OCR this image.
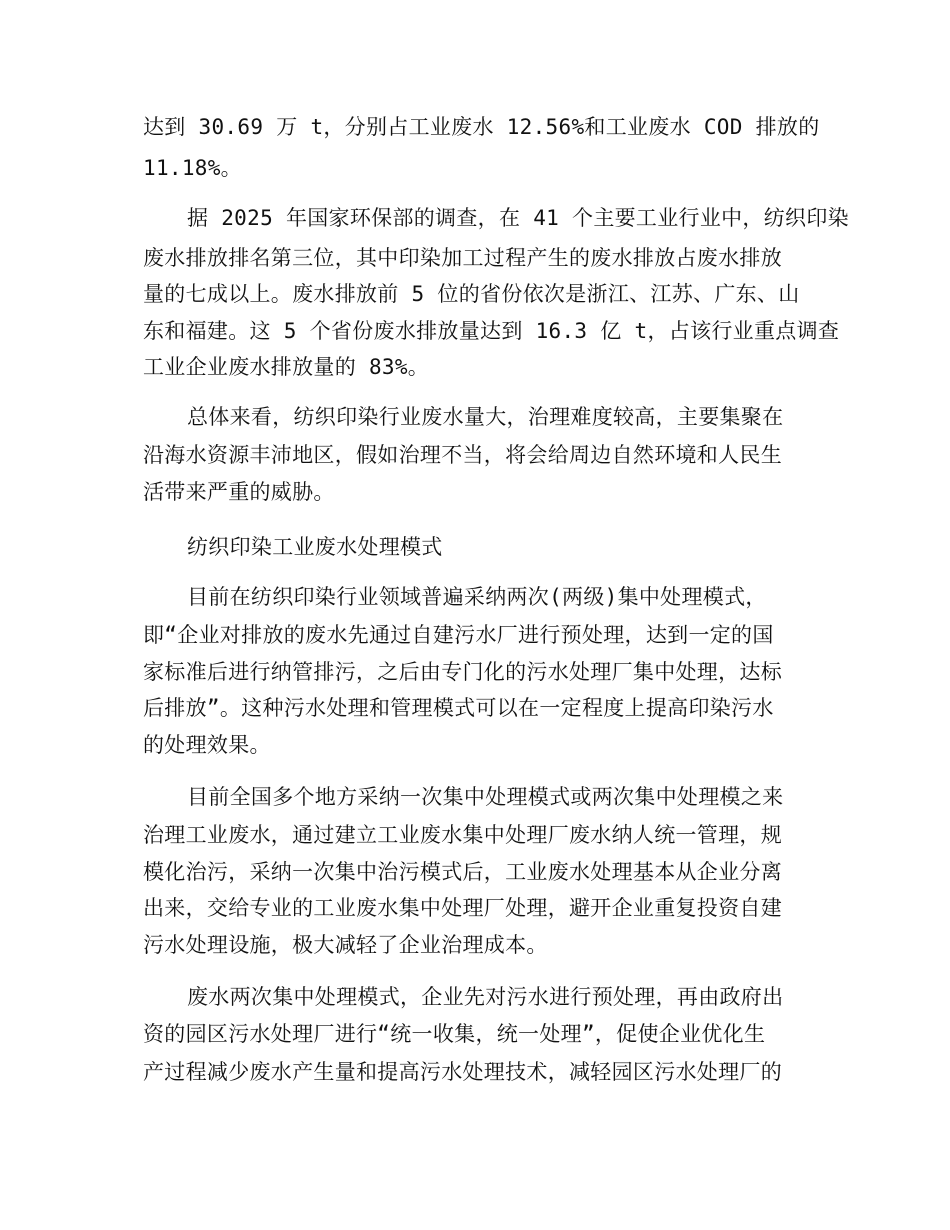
达到 30.69 万 t，分别占工业废水 12.56%和工业废水 COD 排放的
11.18%。
据 2025 年国家环保部的调查，在 41 个主要工业行业中，纺织印染
废水排放排名第三位，其中印染加工过程产生的废水排放占废水排放
量的七成以上。废水排放前 5 位的省份依次是浙江、江苏、广东、山
东和福建。这 5 个省份废水排放量达到 16.3 亿 t，占该行业重点调查
工业企业废水排放量的 83%。
总体来看，纺织印染行业废水量大，治理难度较高，主要集聚在
沿海水资源丰沛地区，假如治理不当，将会给周边自然环境和人民生
活带来严重的威胁。
纺织印染工业废水处理模式
目前在纺织印染行业领域普遍采纳两次(两级)集中处理模式，
即“企业对排放的废水先通过自建污水厂进行预处理，达到一定的国
家标准后进行纳管排污，之后由专门化的污水处理厂集中处理，达标
后排放”。这种污水处理和管理模式可以在一定程度上提高印染污水
的处理效果。
目前全国多个地方采纳一次集中处理模式或两次集中处理模之来
治理工业废水，通过建立工业废水集中处理厂废水纳人统一管理，规
模化治污，采纳一次集中治污模式后，工业废水处理基本从企业分离
出来，交给专业的工业废水集中处理厂处理，避开企业重复投资自建
污水处理设施，极大减轻了企业治理成本。
废水两次集中处理模式，企业先对污水进行预处理，再由政府出
资的园区污水处理厂进行“统一收集，统一处理”，促使企业优化生
产过程减少废水产生量和提高污水处理技术，减轻园区污水处理厂的
